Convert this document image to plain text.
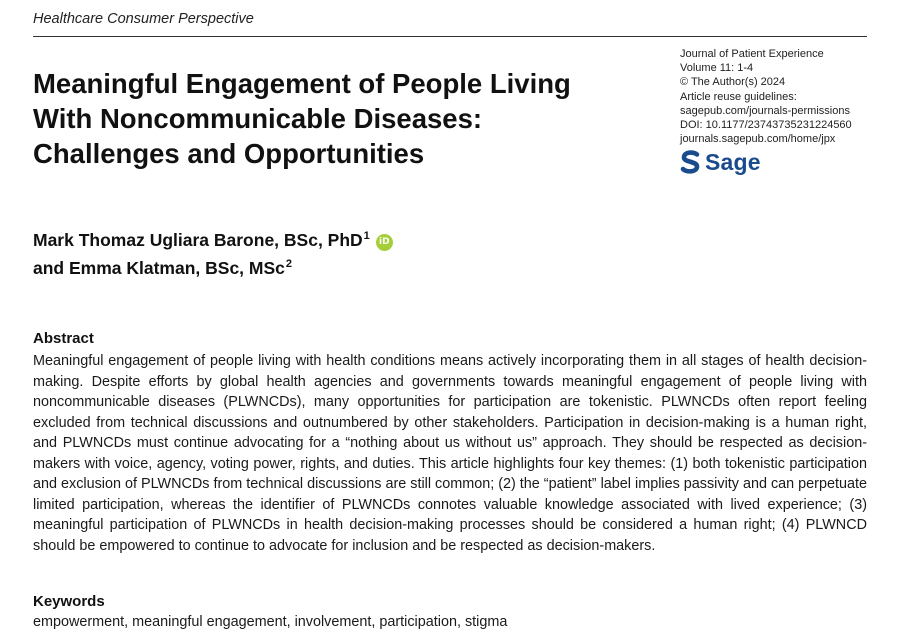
Healthcare Consumer Perspective
Meaningful Engagement of People Living With Noncommunicable Diseases: Challenges and Opportunities
Journal of Patient Experience
Volume 11: 1-4
© The Author(s) 2024
Article reuse guidelines:
sagepub.com/journals-permissions
DOI: 10.1177/23743735231224560
journals.sagepub.com/home/jpx
Sage
Mark Thomaz Ugliara Barone, BSc, PhD$^1$ iD
and Emma Klatman, BSc, MSc$^2$
Abstract

Meaningful engagement of people living with health conditions means actively incorporating them in all stages of health decision-making. Despite efforts by global health agencies and governments towards meaningful engagement of people living with noncommunicable diseases (PLWNCDs), many opportunities for participation are tokenistic. PLWNCDs often report feeling excluded from technical discussions and outnumbered by other stakeholders. Participation in decision-making is a human right, and PLWNCDs must continue advocating for a “nothing about us without us” approach. They should be respected as decision-makers with voice, agency, voting power, rights, and duties. This article highlights four key themes: (1) both tokenistic participation and exclusion of PLWNCDs from technical discussions are still common; (2) the “patient” label implies passivity and can perpetuate limited participation, whereas the identifier of PLWNCDs connotes valuable knowledge associated with lived experience; (3) meaningful participation of PLWNCDs in health decision-making processes should be considered a human right; (4) PLWNCD should be empowered to continue to advocate for inclusion and be respected as decision-makers.

Keywords

empowerment, meaningful engagement, involvement, participation, stigma
